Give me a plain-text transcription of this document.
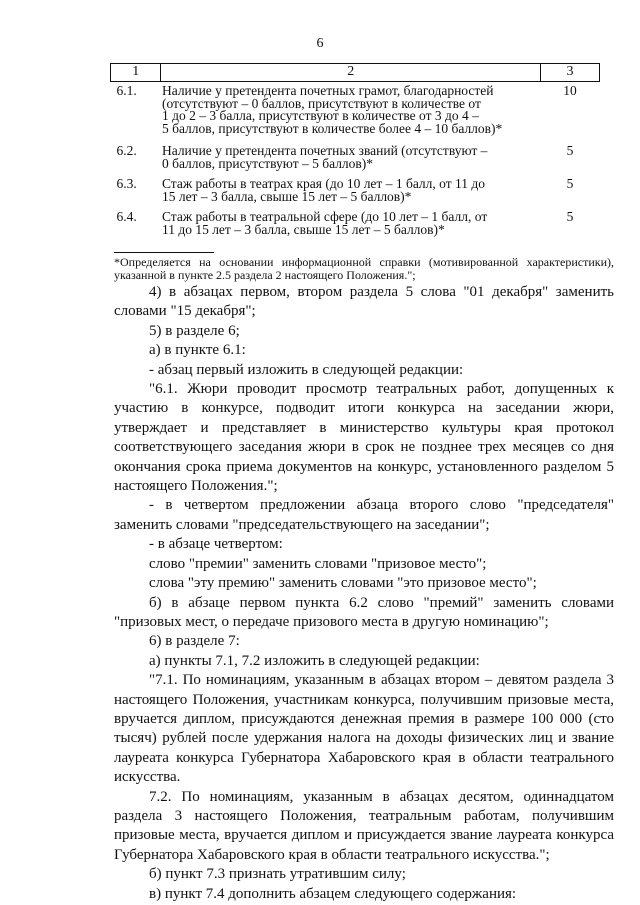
6
1	2	3
6.1.	Наличие у претендента почетных грамот, благодарностей
(отсутствуют – 0 баллов, присутствуют в количестве от
1 до 2 – 3 балла, присутствуют в количестве от 3 до 4 –
5 баллов, присутствуют в количестве более 4 – 10 баллов)*	10
6.2.	Наличие у претендента почетных званий (отсутствуют –
0 баллов, присутствуют – 5 баллов)*	5
6.3.	Стаж работы в театрах края (до 10 лет – 1 балл, от 11 до
15 лет – 3 балла, свыше 15 лет – 5 баллов)*	5
6.4.	Стаж работы в театральной сфере (до 10 лет – 1 балл, от
11 до 15 лет – 3 балла, свыше 15 лет – 5 баллов)*	5

*Определяется на основании информационной справки (мотивированной характеристики), указанной в пункте 2.5 раздела 2 настоящего Положения.";

4) в абзацах первом, втором раздела 5 слова "01 декабря" заменить словами "15 декабря";

5) в разделе 6;

а) в пункте 6.1:

- абзац первый изложить в следующей редакции:

"6.1. Жюри проводит просмотр театральных работ, допущенных к участию в конкурсе, подводит итоги конкурса на заседании жюри, утверждает и представляет в министерство культуры края протокол соответствующего заседания жюри в срок не позднее трех месяцев со дня окончания срока приема документов на конкурс, установленного разделом 5 настоящего Положения.";

- в четвертом предложении абзаца второго слово "председателя" заменить словами "председательствующего на заседании";

- в абзаце четвертом:

слово "премии" заменить словами "призовое место";

слова "эту премию" заменить словами "это призовое место";

б) в абзаце первом пункта 6.2 слово "премий" заменить словами "призовых мест, о передаче призового места в другую номинацию";

6) в разделе 7:

а) пункты 7.1, 7.2 изложить в следующей редакции:

"7.1. По номинациям, указанным в абзацах втором – девятом раздела 3 настоящего Положения, участникам конкурса, получившим призовые места, вручается диплом, присуждаются денежная премия в размере 100 000 (сто тысяч) рублей после удержания налога на доходы физических лиц и звание лауреата конкурса Губернатора Хабаровского края в области театрального искусства.

7.2. По номинациям, указанным в абзацах десятом, одиннадцатом раздела 3 настоящего Положения, театральным работам, получившим призовые места, вручается диплом и присуждается звание лауреата конкурса Губернатора Хабаровского края в области театрального искусства.";

б) пункт 7.3 признать утратившим силу;

в) пункт 7.4 дополнить абзацем следующего содержания:
